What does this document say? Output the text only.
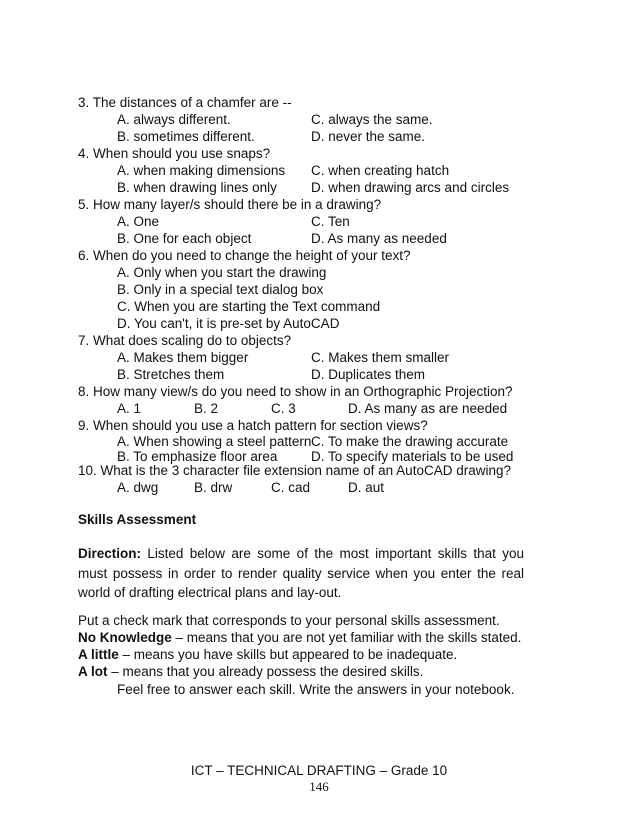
3. The distances of a chamfer are --
A. always different.	C. always the same.
B. sometimes different.	D. never the same.
4. When should you use snaps?
A. when making dimensions C. when creating hatch
B. when drawing lines only	D. when drawing arcs and circles
5. How many layer/s should there be in a drawing?
A. One	C. Ten
B. One for each object	D. As many as needed
6. When do you need to change the height of your text?
A. Only when you start the drawing
B. Only in a special text dialog box
C. When you are starting the Text command
D. You can't, it is pre-set by AutoCAD
7. What does scaling do to objects?
A. Makes them bigger	C. Makes them smaller
B. Stretches them	D. Duplicates them
8. How many view/s do you need to show in an Orthographic Projection?
A. 1	B. 2	C. 3	D. As many as are needed
9. When should you use a hatch pattern for section views?
A. When showing a steel pattern C. To make the drawing accurate
B. To emphasize floor area D. To specify materials to be used
10. What is the 3 character file extension name of an AutoCAD drawing?
A. dwg	B. drw	C. cad	D. aut
Skills Assessment
Direction: Listed below are some of the most important skills that you must possess in order to render quality service when you enter the real world of drafting electrical plans and lay-out.
Put a check mark that corresponds to your personal skills assessment.
No Knowledge – means that you are not yet familiar with the skills stated.
A little – means you have skills but appeared to be inadequate.
A lot – means that you already possess the desired skills.
Feel free to answer each skill. Write the answers in your notebook.
ICT – TECHNICAL DRAFTING – Grade 10
146
